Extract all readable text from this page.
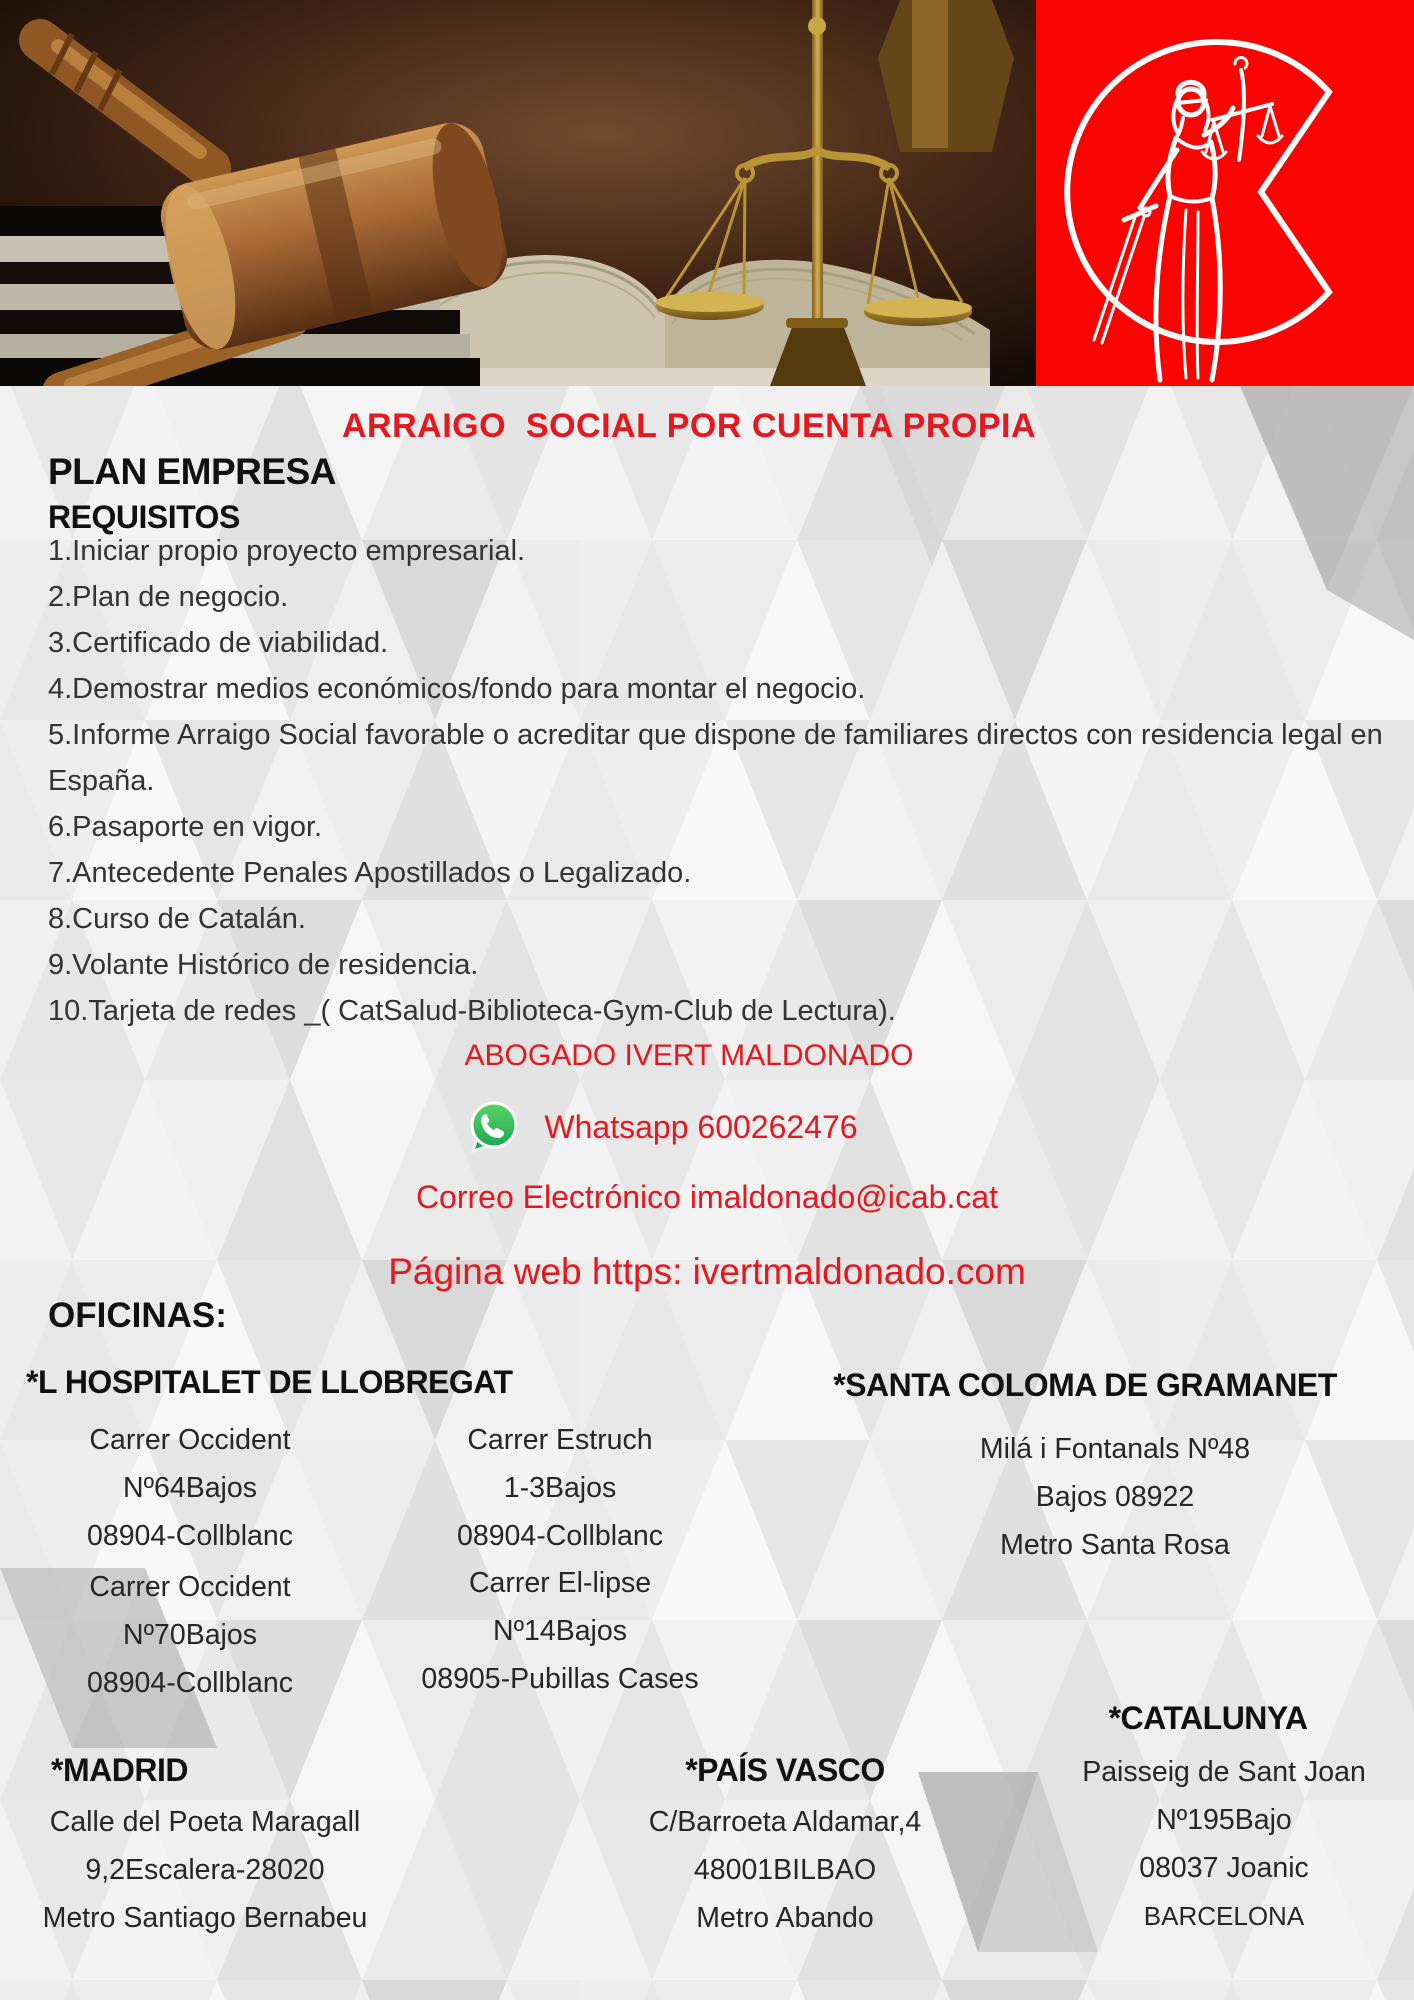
ARRAIGO  SOCIAL POR CUENTA PROPIA
PLAN EMPRESA
REQUISITOS
1.Iniciar propio proyecto empresarial.
2.Plan de negocio.
3.Certificado de viabilidad.
4.Demostrar medios económicos/fondo para montar el negocio.
5.Informe Arraigo Social favorable o acreditar que dispone de familiares directos con residencia legal en España.
6.Pasaporte en vigor.
7.Antecedente Penales Apostillados o Legalizado.
8.Curso de Catalán.
9.Volante Histórico de residencia.
10.Tarjeta de redes _( CatSalud-Biblioteca-Gym-Club de Lectura).
ABOGADO IVERT MALDONADO
Whatsapp 600262476
Correo Electrónico imaldonado@icab.cat
Página web https: ivertmaldonado.com
OFICINAS:
*L HOSPITALET DE LLOBREGAT
Carrer Occident
Nº64Bajos
08904-Collblanc
Carrer Occident
Nº70Bajos
08904-Collblanc
Carrer Estruch
1-3Bajos
08904-Collblanc
Carrer El-lipse
Nº14Bajos
08905-Pubillas Cases
*SANTA COLOMA DE GRAMANET
Milá i Fontanals Nº48
Bajos 08922
Metro Santa Rosa
*CATALUNYA
Paisseig de Sant Joan
Nº195Bajo
08037 Joanic
BARCELONA
*MADRID
Calle del Poeta Maragall
9,2Escalera-28020
Metro Santiago Bernabeu
*PAÍS VASCO
C/Barroeta Aldamar,4
48001BILBAO
Metro Abando
